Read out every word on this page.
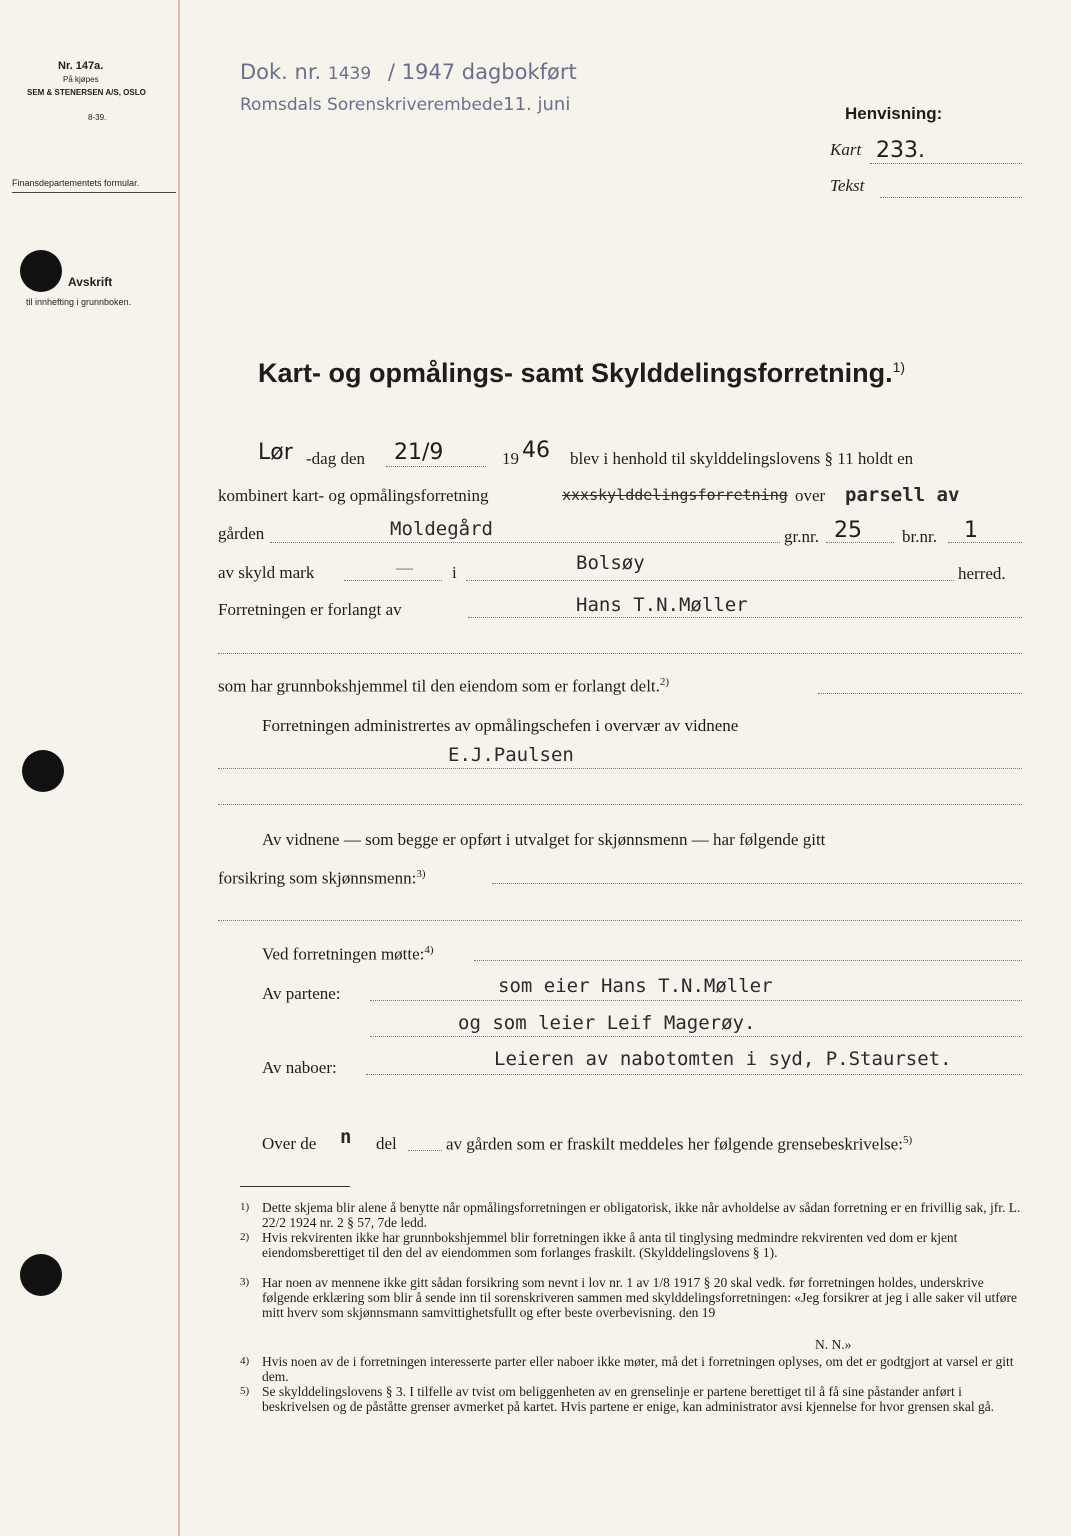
Nr. 147a.
På kjøpes
SEM & STENERSEN A/S, OSLO
8-39.
Finansdepartementets formular.
Avskrift
til innhefting i grunnboken.
Dok. nr. 1439 / 1947 dagbokført
Romsdals Sorenskriverembede11. juni	Henvisning:
Kart 233.
Tekst
Kart- og opmålings- samt Skylddelingsforretning.$^{1)}$
Lør -dag den 21/9	19 46 blev i henhold til skylddelingslovens § 11 holdt en
kombinert kart- og opmålingsforretning	xxxskylddelingsforretning over parsell av
gården	Moldegård	gr.nr. 25 br.nr. 1
av skyld mark	— i	Bolsøy	herred.
Forretningen er forlangt av	Hans T.N.Møller
som har grunnbokshjemmel til den eiendom som er forlangt delt.$^{2)}$
Forretningen administrertes av opmålingschefen i overvær av vidnene
E.J.Paulsen
Av vidnene — som begge er opført i utvalget for skjønnsmenn — har følgende gitt
forsikring som skjønnsmenn:$^{3)}$
Ved forretningen møtte:$^{4)}$
Av partene:	som eier Hans T.N.Møller
og som leier Leif Magerøy.
Av naboer:	Leieren av nabotomten i syd, P.Staurset.
Over de n del	av gården som er fraskilt meddeles her følgende grensebeskrivelse:$^{5)}$
1) Dette skjema blir alene å benytte når opmålingsforretningen er obligatorisk, ikke når avholdelse av sådan forretning er en frivillig sak, jfr. L. 22/2 1924 nr. 2 § 57, 7de ledd.
2) Hvis rekvirenten ikke har grunnbokshjemmel blir forretningen ikke å anta til tinglysing medmindre rekvirenten ved dom er kjent eiendomsberettiget til den del av eiendommen som forlanges fraskilt. (Skylddelingslovens § 1).
3) Har noen av mennene ikke gitt sådan forsikring som nevnt i lov nr. 1 av 1/8 1917 § 20 skal vedk. før forretningen holdes, underskrive følgende erklæring som blir å sende inn til sorenskriveren sammen med skylddelingsforretningen: «Jeg forsikrer at jeg i alle saker vil utføre mitt hverv som skjønnsmann samvittighetsfullt og efter beste overbevisning. den 19
N. N.»
4) Hvis noen av de i forretningen interesserte parter eller naboer ikke møter, må det i forretningen oplyses, om det er godtgjort at varsel er gitt dem.
5) Se skylddelingslovens § 3. I tilfelle av tvist om beliggenheten av en grenselinje er partene berettiget til å få sine påstander anført i beskrivelsen og de påståtte grenser avmerket på kartet. Hvis partene er enige, kan administrator avsi kjennelse for hvor grensen skal gå.
